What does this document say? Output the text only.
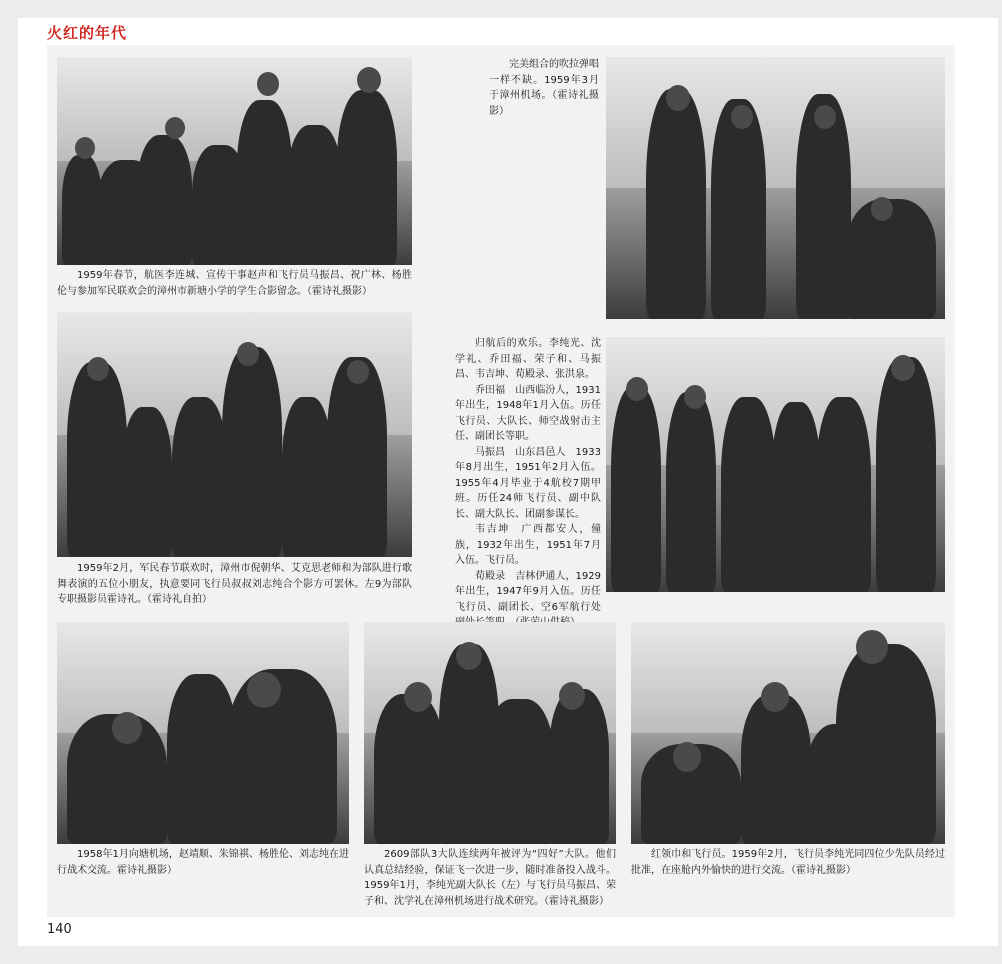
火红的年代

1959年春节，航医李连城、宣传干事赵声和飞行员马振昌、祝广林、杨胜伦与参加军民联欢会的漳州市新塘小学的学生合影留念。（霍诗礼摄影）

完美组合的吹拉弹唱一样不缺。1959年3月于漳州机场。（霍诗礼摄影）

1959年2月，军民春节联欢时，漳州市倪朝华、艾克思老师和为部队进行歌舞表演的五位小朋友，执意要同飞行员叔叔刘志纯合个影方可罢休。左9为部队专职摄影员霍诗礼。（霍诗礼自拍）

归航后的欢乐。李纯光、沈学礼、乔田福、荣子和、马振昌、韦吉坤、荀殿录、张洪泉。

乔田福　山西临汾人，1931年出生，1948年1月入伍。历任飞行员、大队长、师空战射击主任、副团长等职。

马振昌　山东昌邑人　1933年8月出生，1951年2月入伍。1955年4月毕业于4航校7期甲班。历任24师飞行员、副中队长、副大队长、团副参谋长。

韦吉坤　广西都安人，僮族，1932年出生，1951年7月入伍。飞行员。

荀殿录　吉林伊通人，1929年出生，1947年9月入伍。历任飞行员、副团长、空6军航行处

1958年1月向塘机场，赵靖顺、朱锦祺、杨胜伦、刘志纯在进行战术交流。霍诗礼摄影）

2609部队3大队连续两年被评为“四好”大队。他们认真总结经验，保证飞一次进一步，随时准备投入战斗。1959年1月，李纯光副大队长（左）与飞行员马振昌、荣子和、沈学礼在漳州机场进行战术研究。（霍诗礼摄影）

红领巾和飞行员。1959年2月，飞行员李纯光同四位少先队员经过批准，在座舱内外愉快的进行交流。（霍诗礼摄影）

140
